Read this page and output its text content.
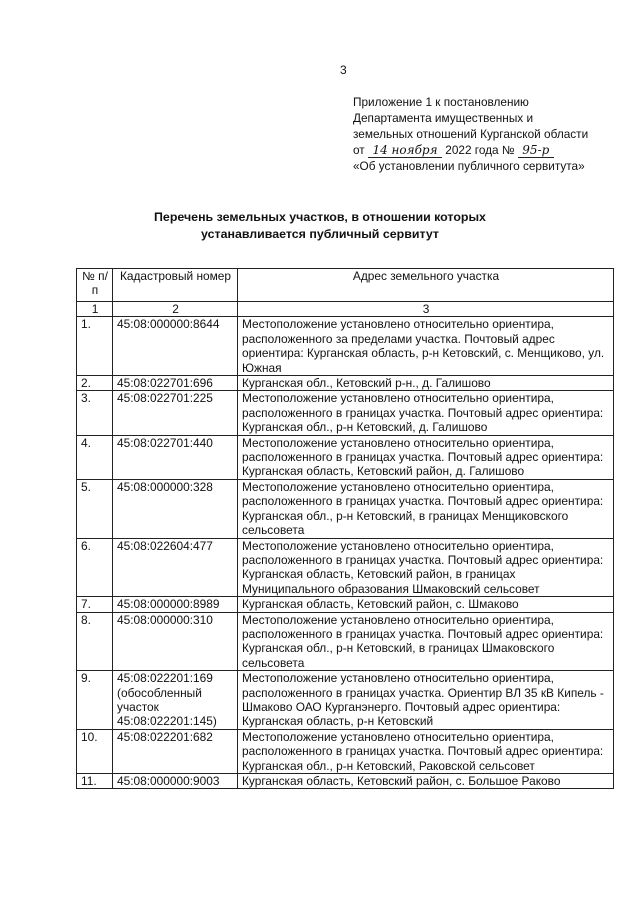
3
Приложение 1 к постановлению
Департамента имущественных и
земельных отношений Курганской области
от 14 ноября 2022 года № 95-р
«Об установлении публичного сервитута»
Перечень земельных участков, в отношении которых
устанавливается публичный сервитут
№ п/п	Кадастровый номер	Адрес земельного участка
1	2	3
1.	45:08:000000:8644	Местоположение установлено относительно ориентира, расположенного за пределами участка. Почтовый адрес ориентира: Курганская область, р-н Кетовский, с. Менщиково, ул. Южная
2.	45:08:022701:696	Курганская обл., Кетовский р-н., д. Галишово
3.	45:08:022701:225	Местоположение установлено относительно ориентира, расположенного в границах участка. Почтовый адрес ориентира: Курганская обл., р-н Кетовский, д. Галишово
4.	45:08:022701:440	Местоположение установлено относительно ориентира, расположенного в границах участка. Почтовый адрес ориентира: Курганская область, Кетовский район, д. Галишово
5.	45:08:000000:328	Местоположение установлено относительно ориентира, расположенного в границах участка. Почтовый адрес ориентира: Курганская обл., р-н Кетовский, в границах Менщиковского сельсовета
6.	45:08:022604:477	Местоположение установлено относительно ориентира, расположенного в границах участка. Почтовый адрес ориентира: Курганская область, Кетовский район, в границах Муниципального образования Шмаковский сельсовет
7.	45:08:000000:8989	Курганская область, Кетовский район, с. Шмаково
8.	45:08:000000:310	Местоположение установлено относительно ориентира, расположенного в границах участка. Почтовый адрес ориентира: Курганская обл., р-н Кетовский, в границах Шмаковского сельсовета
9.	45:08:022201:169 (обособленный участок 45:08:022201:145)	Местоположение установлено относительно ориентира, расположенного в границах участка. Ориентир ВЛ 35 кВ Кипель - Шмаково ОАО Курганэнерго. Почтовый адрес ориентира: Курганская область, р-н Кетовский
10.	45:08:022201:682	Местоположение установлено относительно ориентира, расположенного в границах участка. Почтовый адрес ориентира: Курганская обл., р-н Кетовский, Раковской сельсовет
11.	45:08:000000:9003	Курганская область, Кетовский район, с. Большое Раково
